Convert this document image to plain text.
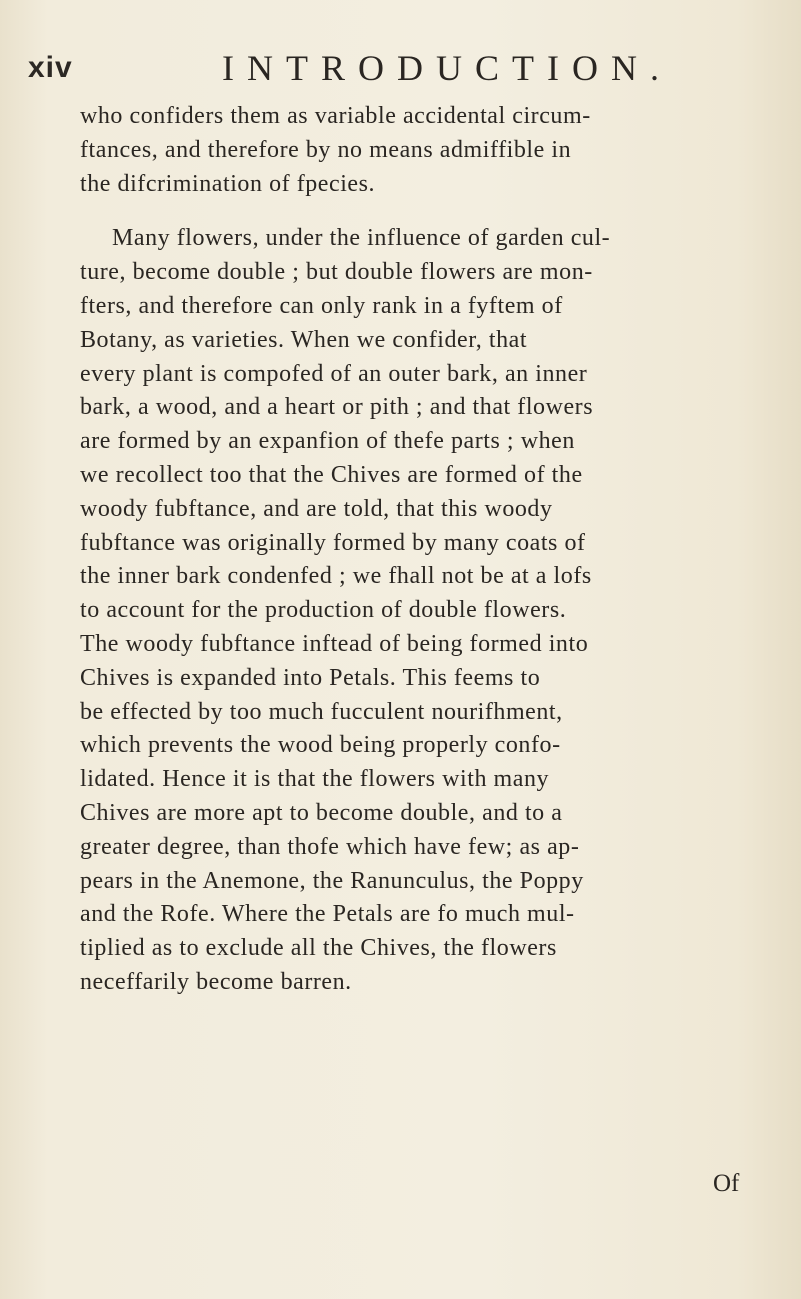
xiv	INTRODUCTION.
who confiders them as variable accidental circum-
ftances, and therefore by no means admiffible in
the difcrimination of fpecies.
Many flowers, under the influence of garden cul-
ture, become double ; but double flowers are mon-
fters, and therefore can only rank in a fyftem of
Botany, as varieties. When we confider, that
every plant is compofed of an outer bark, an inner
bark, a wood, and a heart or pith ; and that flowers
are formed by an expanfion of thefe parts ; when
we recollect too that the Chives are formed of the
woody fubftance, and are told, that this woody
fubftance was originally formed by many coats of
the inner bark condenfed ; we fhall not be at a lofs
to account for the production of double flowers.
The woody fubftance inftead of being formed into
Chives is expanded into Petals. This feems to
be effected by too much fucculent nourifhment,
which prevents the wood being properly confo-
lidated. Hence it is that the flowers with many
Chives are more apt to become double, and to a
greater degree, than thofe which have few; as ap-
pears in the Anemone, the Ranunculus, the Poppy
and the Rofe. Where the Petals are fo much mul-
tiplied as to exclude all the Chives, the flowers
neceffarily become barren.
Of
